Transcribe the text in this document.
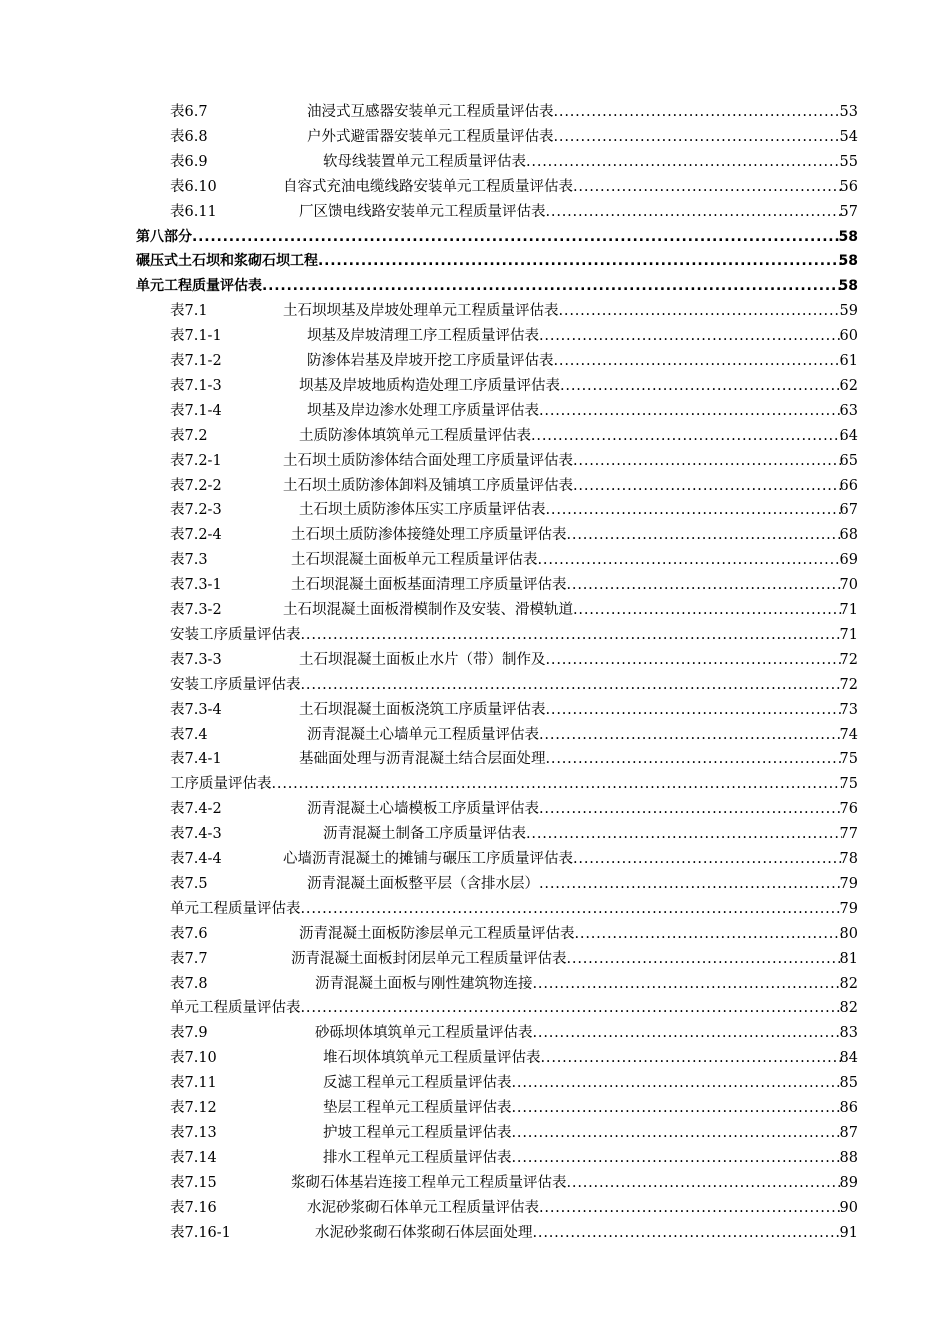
表6.7	油浸式互感器安装单元工程质量评估表 .....	53
表6.8	户外式避雷器安装单元工程质量评估表 .....	54
表6.9	软母线装置单元工程质量评估表 .....	55
表6.10	自容式充油电缆线路安装单元工程质量评估表 .....	56
表6.11	厂区馈电线路安装单元工程质量评估表 .....	57
第八部分 .....	58
碾压式土石坝和浆砌石坝工程 .....	58
单元工程质量评估表 .....	58
表7.1	土石坝坝基及岸坡处理单元工程质量评估表 .....	59
表7.1-1	坝基及岸坡清理工序工程质量评估表 .....	60
表7.1-2	防渗体岩基及岸坡开挖工序质量评估表 .....	61
表7.1-3	坝基及岸坡地质构造处理工序质量评估表 .....	62
表7.1-4	坝基及岸边渗水处理工序质量评估表 .....	63
表7.2	土质防渗体填筑单元工程质量评估表 .....	64
表7.2-1	土石坝土质防渗体结合面处理工序质量评估表 .....	65
表7.2-2	土石坝土质防渗体卸料及铺填工序质量评估表 .....	66
表7.2-3	土石坝土质防渗体压实工序质量评估表 .....	67
表7.2-4	土石坝土质防渗体接缝处理工序质量评估表 .....	68
表7.3	土石坝混凝土面板单元工程质量评估表 .....	69
表7.3-1	土石坝混凝土面板基面清理工序质量评估表 .....	70
表7.3-2	土石坝混凝土面板滑模制作及安装、滑模轨道 .....	71
安装工序质量评估表 .....	71
表7.3-3	土石坝混凝土面板止水片（带）制作及 .....	72
安装工序质量评估表 .....	72
表7.3-4	土石坝混凝土面板浇筑工序质量评估表 .....	73
表7.4	沥青混凝土心墙单元工程质量评估表 .....	74
表7.4-1	基础面处理与沥青混凝土结合层面处理 .....	75
工序质量评估表 .....	75
表7.4-2	沥青混凝土心墙模板工序质量评估表 .....	76
表7.4-3	沥青混凝土制备工序质量评估表 .....	77
表7.4-4	心墙沥青混凝土的摊铺与碾压工序质量评估表 .....	78
表7.5	沥青混凝土面板整平层（含排水层） .....	79
单元工程质量评估表 .....	79
表7.6	沥青混凝土面板防渗层单元工程质量评估表 .....	80
表7.7	沥青混凝土面板封闭层单元工程质量评估表 .....	81
表7.8	沥青混凝土面板与刚性建筑物连接 .....	82
单元工程质量评估表 .....	82
表7.9	砂砾坝体填筑单元工程质量评估表 .....	83
表7.10	堆石坝体填筑单元工程质量评估表 .....	84
表7.11	反滤工程单元工程质量评估表 .....	85
表7.12	垫层工程单元工程质量评估表 .....	86
表7.13	护坡工程单元工程质量评估表 .....	87
表7.14	排水工程单元工程质量评估表 .....	88
表7.15	浆砌石体基岩连接工程单元工程质量评估表 .....	89
表7.16	水泥砂浆砌石体单元工程质量评估表 .....	90
表7.16-1	水泥砂浆砌石体浆砌石体层面处理 .....	91
